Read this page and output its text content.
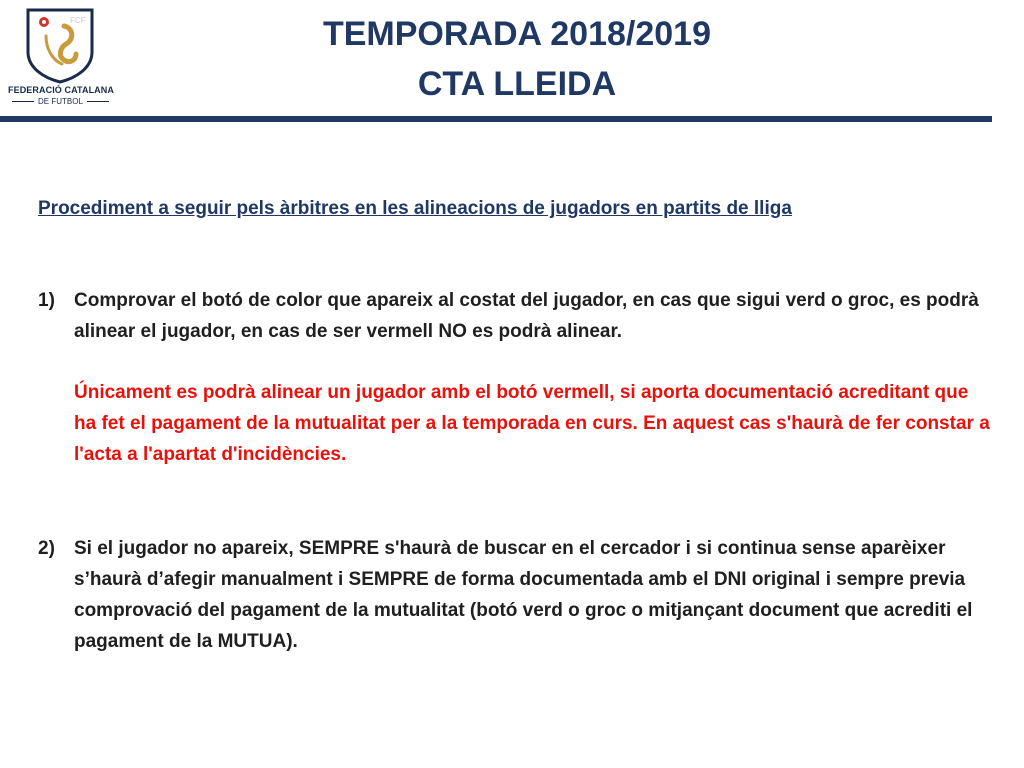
FCF
FEDERACIÓ CATALANA
DE FUTBOL
TEMPORADA 2018/2019
CTA LLEIDA
Procediment a seguir pels àrbitres en les alineacions de jugadors en partits de lliga
1) Comprovar el botó de color que apareix al costat del jugador, en cas que sigui verd o groc, es podrà alinear el jugador, en cas de ser vermell NO es podrà alinear.
Únicament es podrà alinear un jugador amb el botó vermell, si aporta documentació acreditant que ha fet el pagament de la mutualitat per a la temporada en curs. En aquest cas s'haurà de fer constar a l'acta a l'apartat d'incidències.
2) Si el jugador no apareix, SEMPRE s'haurà de buscar en el cercador i si continua sense aparèixer s’haurà d’afegir manualment i SEMPRE de forma documentada amb el DNI original i sempre previa comprovació del pagament de la mutualitat (botó verd o groc o mitjançant document que acrediti el pagament de la MUTUA).
